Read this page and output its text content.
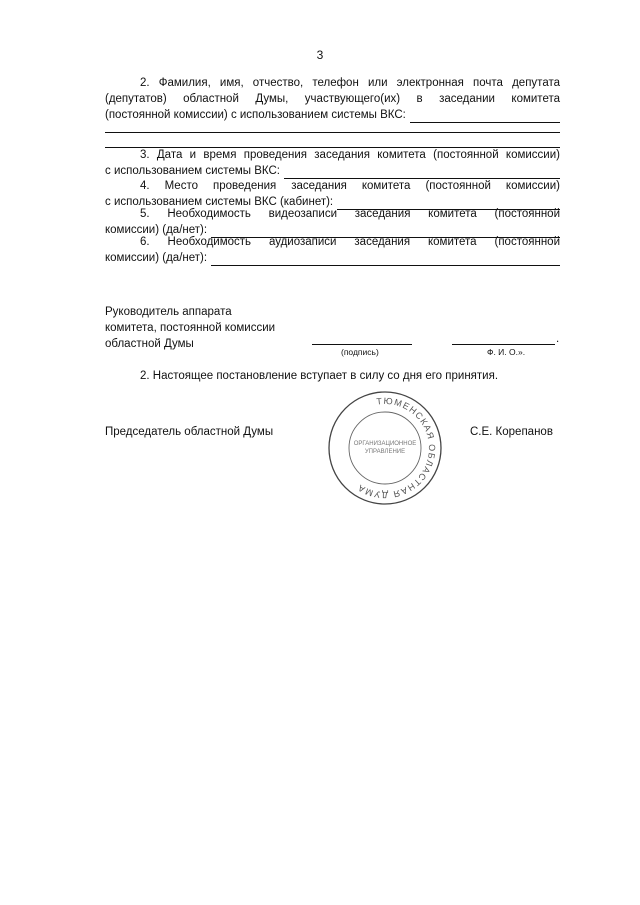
3
2. Фамилия, имя, отчество, телефон или электронная почта депутата
(депутатов) областной Думы, участвующего(их) в заседании комитета
(постоянной комиссии) с использованием системы ВКС:
3. Дата и время проведения заседания комитета (постоянной комиссии)
с использованием системы ВКС:
4. Место проведения заседания комитета (постоянной комиссии)
с использованием системы ВКС (кабинет):
5. Необходимость видеозаписи заседания комитета (постоянной
комиссии) (да/нет):
6. Необходимость аудиозаписи заседания комитета (постоянной
комиссии) (да/нет):
Руководитель аппарата
комитета, постоянной комиссии
областной Думы	.
(подпись)	Ф. И. О.».
2. Настоящее постановление вступает в силу со дня его принятия.
Председатель областной Думы	С.Е. Корепанов
ТЮМЕНСКАЯ ОБЛАСТНАЯ ДУМА
ОРГАНИЗАЦИОННОЕ
УПРАВЛЕНИЕ
